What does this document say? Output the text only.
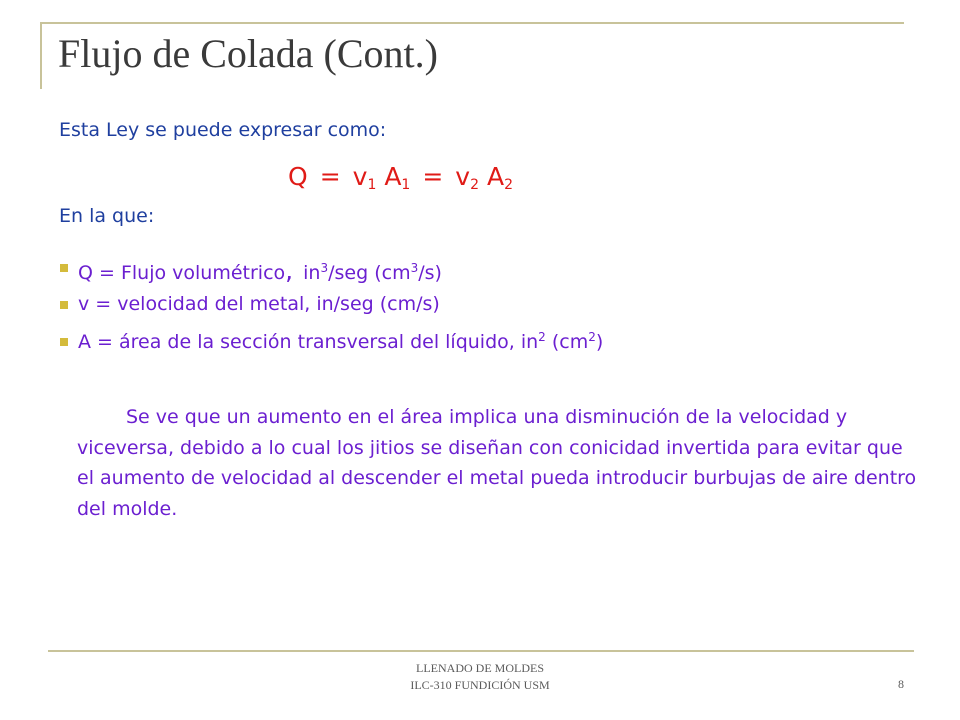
Flujo de Colada (Cont.)
Esta Ley se puede expresar como:
$Q = v_1$ $A_1 = v_2$ $A_2$
En la que:
Q = Flujo volumétrico, $in^3$/seg $(cm^3/s)$
v = velocidad del metal, in/seg (cm/s)
A = área de la sección transversal del líquido, $in^2$ $(cm^2)$

Se ve que un aumento en el área implica una disminución de la velocidad y viceversa, debido a lo cual los jitios se diseñan con conicidad invertida para evitar que el aumento de velocidad al descender el metal pueda introducir burbujas de aire dentro del molde.

LLENADO DE MOLDES
ILC-310 FUNDICIÓN USM	8
